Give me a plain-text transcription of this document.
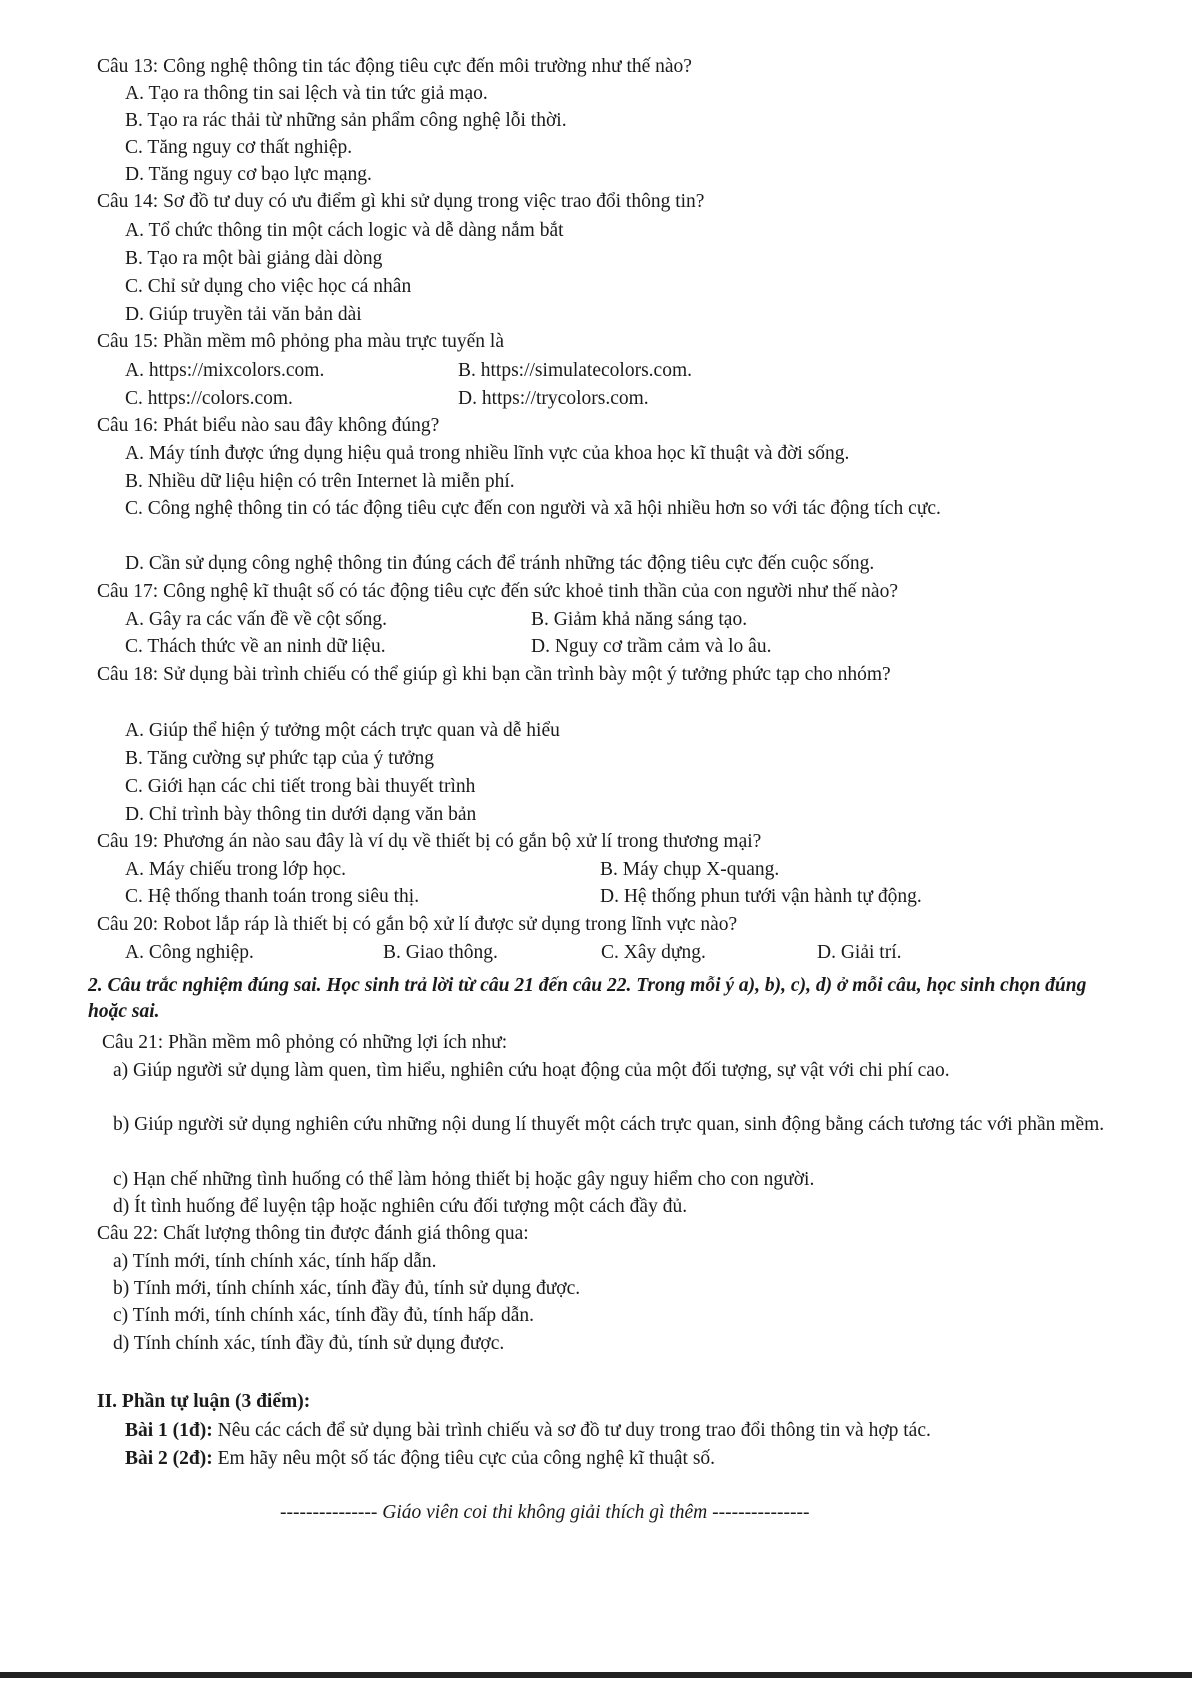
Câu 13: Công nghệ thông tin tác động tiêu cực đến môi trường như thế nào?
A. Tạo ra thông tin sai lệch và tin tức giả mạo.
B. Tạo ra rác thải từ những sản phẩm công nghệ lỗi thời.
C. Tăng nguy cơ thất nghiệp.
D. Tăng nguy cơ bạo lực mạng.
Câu 14: Sơ đồ tư duy có ưu điểm gì khi sử dụng trong việc trao đổi thông tin?
A. Tổ chức thông tin một cách logic và dễ dàng nắm bắt
B. Tạo ra một bài giảng dài dòng
C. Chỉ sử dụng cho việc học cá nhân
D. Giúp truyền tải văn bản dài
Câu 15: Phần mềm mô phỏng pha màu trực tuyến là
A. https://mixcolors.com.	B. https://simulatecolors.com.
C. https://colors.com.	D. https://trycolors.com.
Câu 16: Phát biểu nào sau đây không đúng?
A. Máy tính được ứng dụng hiệu quả trong nhiều lĩnh vực của khoa học kĩ thuật và đời sống.
B. Nhiều dữ liệu hiện có trên Internet là miễn phí.
C. Công nghệ thông tin có tác động tiêu cực đến con người và xã hội nhiều hơn so với tác động tích cực.
D. Cần sử dụng công nghệ thông tin đúng cách để tránh những tác động tiêu cực đến cuộc sống.
Câu 17: Công nghệ kĩ thuật số có tác động tiêu cực đến sức khoẻ tinh thần của con người như thế nào?
A. Gây ra các vấn đề về cột sống.	B. Giảm khả năng sáng tạo.
C. Thách thức về an ninh dữ liệu.	D. Nguy cơ trầm cảm và lo âu.
Câu 18: Sử dụng bài trình chiếu có thể giúp gì khi bạn cần trình bày một ý tưởng phức tạp cho nhóm?
A. Giúp thể hiện ý tưởng một cách trực quan và dễ hiểu
B. Tăng cường sự phức tạp của ý tưởng
C. Giới hạn các chi tiết trong bài thuyết trình
D. Chỉ trình bày thông tin dưới dạng văn bản
Câu 19: Phương án nào sau đây là ví dụ về thiết bị có gắn bộ xử lí trong thương mại?
A. Máy chiếu trong lớp học.	B. Máy chụp X-quang.
C. Hệ thống thanh toán trong siêu thị.	D. Hệ thống phun tưới vận hành tự động.
Câu 20: Robot lắp ráp là thiết bị có gắn bộ xử lí được sử dụng trong lĩnh vực nào?
A. Công nghiệp.	B. Giao thông.	C. Xây dựng.	D. Giải trí.
2. Câu trắc nghiệm đúng sai. Học sinh trả lời từ câu 21 đến câu 22. Trong mỗi ý a), b), c), d) ở mỗi câu, học sinh chọn đúng hoặc sai.
Câu 21: Phần mềm mô phỏng có những lợi ích như:
a) Giúp người sử dụng làm quen, tìm hiểu, nghiên cứu hoạt động của một đối tượng, sự vật với chi phí cao.
b) Giúp người sử dụng nghiên cứu những nội dung lí thuyết một cách trực quan, sinh động bằng cách tương tác với phần mềm.
c) Hạn chế những tình huống có thể làm hỏng thiết bị hoặc gây nguy hiểm cho con người.
d) Ít tình huống để luyện tập hoặc nghiên cứu đối tượng một cách đầy đủ.
Câu 22: Chất lượng thông tin được đánh giá thông qua:
a) Tính mới, tính chính xác, tính hấp dẫn.
b) Tính mới, tính chính xác, tính đầy đủ, tính sử dụng được.
c) Tính mới, tính chính xác, tính đầy đủ, tính hấp dẫn.
d) Tính chính xác, tính đầy đủ, tính sử dụng được.
II. Phần tự luận (3 điểm):
Bài 1 (1đ): Nêu các cách để sử dụng bài trình chiếu và sơ đồ tư duy trong trao đổi thông tin và hợp tác.
Bài 2 (2đ): Em hãy nêu một số tác động tiêu cực của công nghệ kĩ thuật số.
--------------- Giáo viên coi thi không giải thích gì thêm ---------------
